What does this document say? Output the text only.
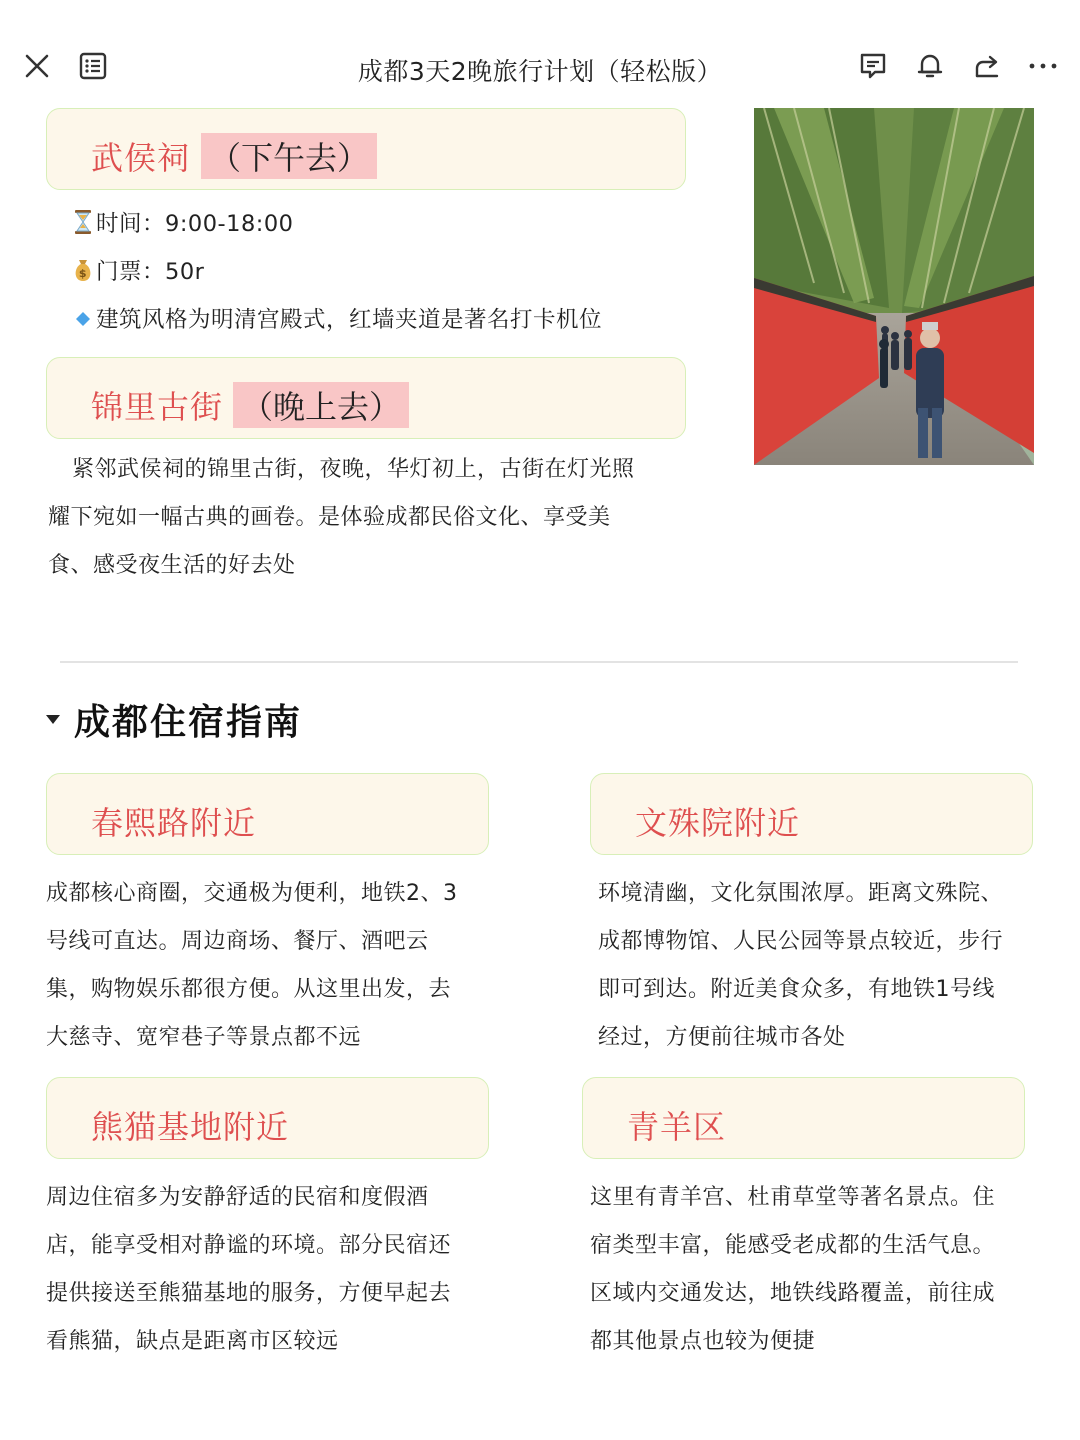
成都3天2晚旅行计划（轻松版）
武侯祠 （下午去）
时间：9:00-18:00
$ 门票：50r
建筑风格为明清宫殿式，红墙夹道是著名打卡机位
锦里古街 （晚上去）
紧邻武侯祠的锦里古街，夜晚，华灯初上，古街在灯光照
耀下宛如一幅古典的画卷。是体验成都民俗文化、享受美
食、感受夜生活的好去处
成都住宿指南
春熙路附近
成都核心商圈，交通极为便利，地铁2、3
号线可直达。周边商场、餐厅、酒吧云
集，购物娱乐都很方便。从这里出发，去
大慈寺、宽窄巷子等景点都不远
文殊院附近
环境清幽，文化氛围浓厚。距离文殊院、
成都博物馆、人民公园等景点较近，步行
即可到达。附近美食众多，有地铁1号线
经过，方便前往城市各处
熊猫基地附近
周边住宿多为安静舒适的民宿和度假酒
店，能享受相对静谧的环境。部分民宿还
提供接送至熊猫基地的服务，方便早起去
看熊猫，缺点是距离市区较远
青羊区
这里有青羊宫、杜甫草堂等著名景点。住
宿类型丰富，能感受老成都的生活气息。
区域内交通发达，地铁线路覆盖，前往成
都其他景点也较为便捷
